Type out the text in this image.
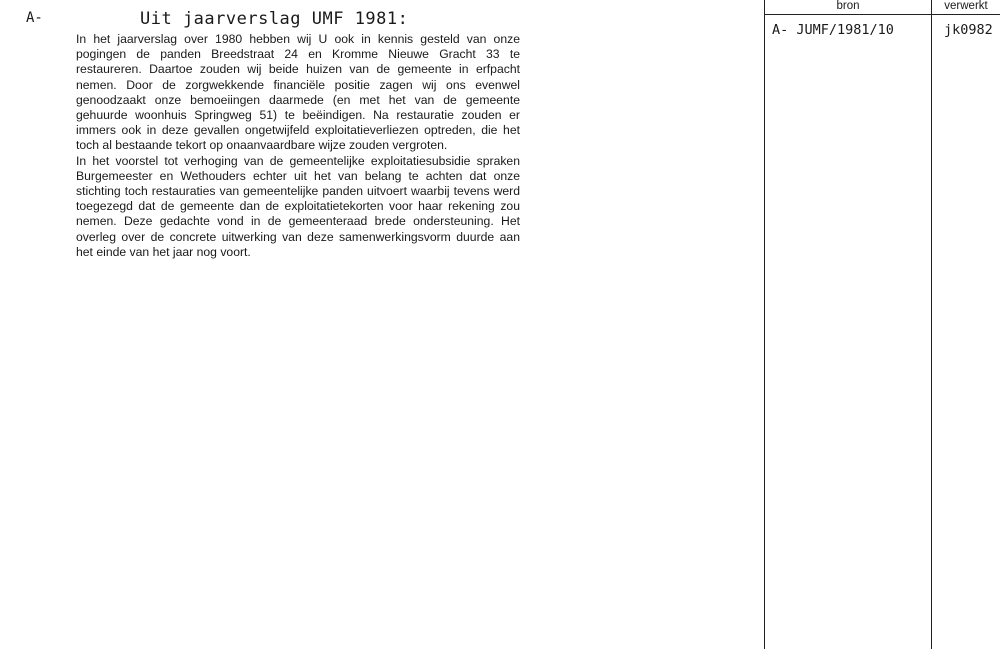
A-	Uit jaarverslag UMF 1981:

In het jaarverslag over 1980 hebben wij U ook in kennis gesteld van onze pogingen de panden Breedstraat 24 en Kromme Nieuwe Gracht 33 te restaureren. Daartoe zouden wij beide huizen van de gemeente in erfpacht nemen. Door de zorgwekkende financiële positie zagen wij ons evenwel genoodzaakt onze bemoeiingen daarmede (en met het van de gemeente gehuurde woonhuis Springweg 51) te beëindigen. Na restauratie zouden er immers ook in deze gevallen ongetwijfeld exploitatieverliezen optreden, die het toch al bestaande tekort op onaanvaardbare wijze zouden vergroten.

In het voorstel tot verhoging van de gemeentelijke exploitatiesubsidie spraken Burgemeester en Wethouders echter uit het van belang te achten dat onze stichting toch restauraties van gemeentelijke panden uitvoert waarbij tevens werd toegezegd dat de gemeente dan de exploitatietekorten voor haar rekening zou nemen. Deze gedachte vond in de gemeenteraad brede ondersteuning. Het overleg over de concrete uitwerking van deze samenwerkingsvorm duurde aan het einde van het jaar nog voort.

bron	verwerkt
A- JUMF/1981/10	jk0982
